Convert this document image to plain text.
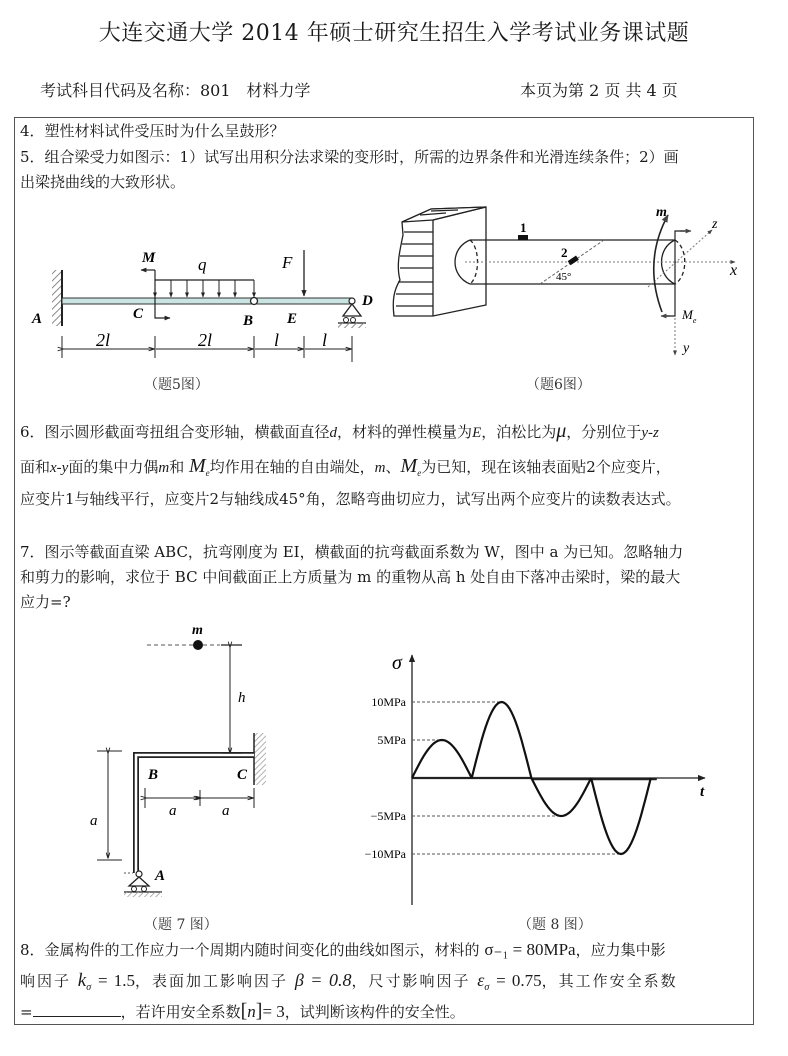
大连交通大学 2014 年硕士研究生招生入学考试业务课试题
考试科目代码及名称：801　材料力学	本页为第 2 页 共 4 页
4．塑性材料试件受压时为什么呈鼓形？
5．组合梁受力如图示：1）试写出用积分法求梁的变形时，所需的边界条件和光滑连续条件；2）画
出梁挠曲线的大致形状。
A	C	B E
D
M	q	F
2l	2l	l l
（题5图）
1
2
45°
m
$M_e$
x
y
z
（题6图）
6．图示圆形截面弯扭组合变形轴，横截面直径d，材料的弹性模量为E，泊松比为μ，分别位于y-z
面和x-y面的集中力偶m和 $M_e$均作用在轴的自由端处，m、$M_e$为已知，现在该轴表面贴2个应变片，
应变片1与轴线平行，应变片2与轴线成45°角，忽略弯曲切应力，试写出两个应变片的读数表达式。
7．图示等截面直梁 ABC，抗弯刚度为 EI，横截面的抗弯截面系数为 W，图中 a 为已知。忽略轴力
和剪力的影响，求位于 BC 中间截面正上方质量为 m 的重物从高 h 处自由下落冲击梁时，梁的最大
应力=?
m
h
B	C
A
a
a	a
（题 7 图）
σ
t
10MPa
5MPa
−5MPa
−10MPa
（题 8 图）
8．金属构件的工作应力一个周期内随时间变化的曲线如图示，材料的 σ₋₁ = 80MPa，应力集中影
响因子 $k_\sigma = 1.5$，表面加工影响因子 β = 0.8，尺寸影响因子 $\varepsilon_\sigma = 0.75$，其工作安全系数
=	，若许用安全系数[n]= 3，试判断该构件的安全性。
